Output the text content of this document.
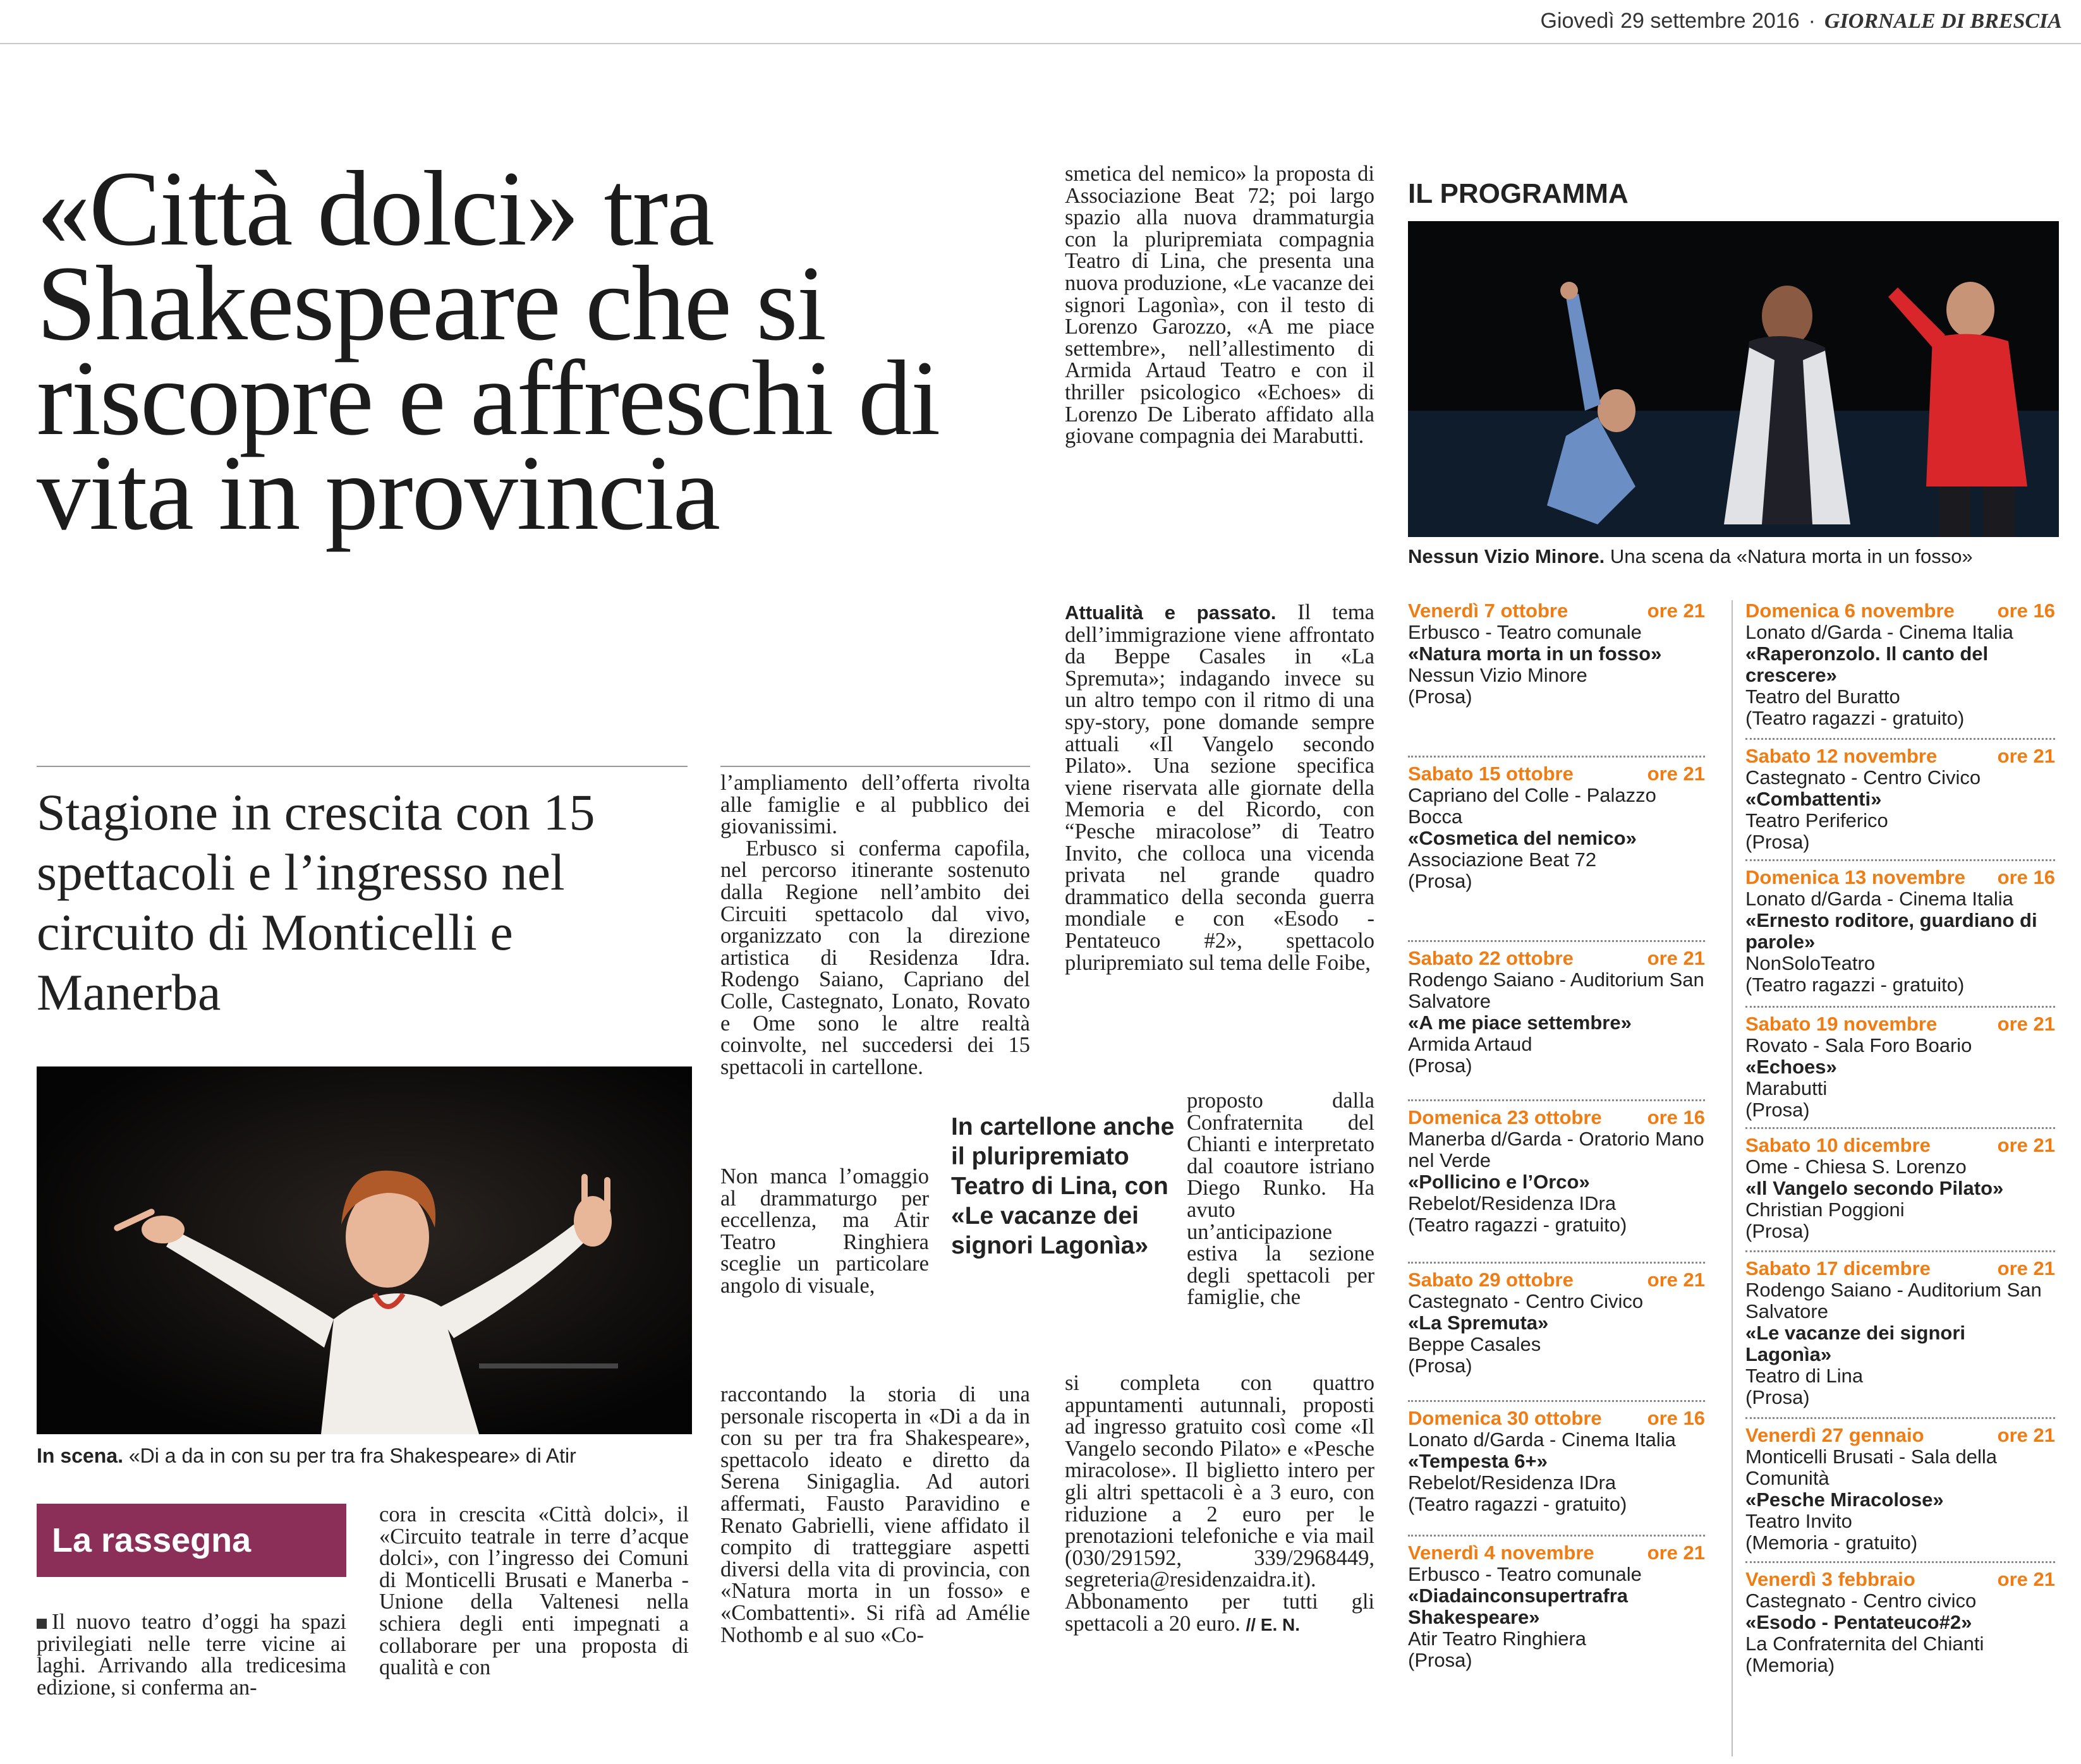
Giovedì 29 settembre 2016 · GIORNALE DI BRESCIA
«Città dolci» tra Shakespeare che si riscopre e affreschi di vita in provincia
Stagione in crescita con 15 spettacoli e l’ingresso nel circuito di Monticelli e Manerba
In scena. «Di a da in con su per tra fra Shakespeare» di Atir
La rassegna

Il nuovo teatro d’oggi ha spazi privilegiati nelle terre vicine ai laghi. Arrivando alla tredicesima edizione, si conferma an-

cora in crescita «Città dolci», il «Circuito teatrale in terre d’acque dolci», con l’ingresso dei Comuni di Monticelli Brusati e Manerba - Unione della Valtenesi nella schiera degli enti impegnati a collaborare per una proposta di qualità e con

l’ampliamento dell’offerta rivolta alle famiglie e al pubblico dei giovanissimi.

Erbusco si conferma capofila, nel percorso itinerante sostenuto dalla Regione nell’ambito dei Circuiti spettacolo dal vivo, organizzato con la direzione artistica di Residenza Idra. Rodengo Saiano, Capriano del Colle, Castegnato, Lonato, Rovato e Ome sono le altre realtà coinvolte, nel succedersi dei 15 spettacoli in cartellone.

Non manca l’omaggio al drammaturgo per eccellenza, ma Atir Teatro Ringhiera sceglie un particolare angolo di visuale,

raccontando la storia di una personale riscoperta in «Di a da in con su per tra fra Shakespeare», spettacolo ideato e diretto da Serena Sinigaglia. Ad autori affermati, Fausto Paravidino e Renato Gabrielli, viene affidato il compito di tratteggiare aspetti diversi della vita di provincia, con «Natura morta in un fosso» e «Combattenti». Si rifà ad Amélie Nothomb e al suo «Co-

In cartellone anche il pluripremiato Teatro di Lina, con «Le vacanze dei signori Lagonìa»

smetica del nemico» la proposta di Associazione Beat 72; poi largo spazio alla nuova drammaturgia con la pluripremiata compagnia Teatro di Lina, che presenta una nuova produzione, «Le vacanze dei signori Lagonìa», con il testo di Lorenzo Garozzo, «A me piace settembre», nell’allestimento di Armida Artaud Teatro e con il thriller psicologico «Echoes» di Lorenzo De Liberato affidato alla giovane compagnia dei Marabutti.

Attualità e passato. Il tema dell’immigrazione viene affrontato da Beppe Casales in «La Spremuta»; indagando invece su un altro tempo con il ritmo di una spy-story, pone domande sempre attuali «Il Vangelo secondo Pilato». Una sezione specifica viene riservata alle giornate della Memoria e del Ricordo, con “Pesche miracolose” di Teatro Invito, che colloca una vicenda privata nel grande quadro drammatico della seconda guerra mondiale e con «Esodo - Pentateuco #2», spettacolo pluripremiato sul tema delle Foibe,

proposto dalla Confraternita del Chianti e interpretato dal coautore istriano Diego Runko. Ha avuto un’anticipazione estiva la sezione degli spettacoli per famiglie, che

si completa con quattro appuntamenti autunnali, proposti ad ingresso gratuito così come «Il Vangelo secondo Pilato» e «Pesche miracolose». Il biglietto intero per gli altri spettacoli è a 3 euro, con riduzione a 2 euro per le prenotazioni telefoniche e via mail (030/291592, 339/2968449, segreteria@residenzaidra.it). Abbonamento per tutti gli spettacoli a 20 euro. // E. N.

IL PROGRAMMA
Nessun Vizio Minore. Una scena da «Natura morta in un fosso»
Venerdì 7 ottobre	ore 21
Erbusco - Teatro comunale
«Natura morta in un fosso»
Nessun Vizio Minore
(Prosa)
Sabato 15 ottobre	ore 21
Capriano del Colle - Palazzo Bocca
«Cosmetica del nemico»
Associazione Beat 72
(Prosa)
Sabato 22 ottobre	ore 21
Rodengo Saiano - Auditorium San Salvatore
«A me piace settembre»
Armida Artaud
(Prosa)
Domenica 23 ottobre ore 16
Manerba d/Garda - Oratorio Mano nel Verde
«Pollicino e l’Orco»
Rebelot/Residenza IDra
(Teatro ragazzi - gratuito)
Sabato 29 ottobre	ore 21
Castegnato - Centro Civico
«La Spremuta»
Beppe Casales
(Prosa)
Domenica 30 ottobre ore 16
Lonato d/Garda - Cinema Italia
«Tempesta 6+»
Rebelot/Residenza IDra
(Teatro ragazzi - gratuito)
Venerdì 4 novembre	ore 21
Erbusco - Teatro comunale
«Diadainconsupertrafra Shakespeare»
Atir Teatro Ringhiera
(Prosa)
Domenica 6 novembre ore 16
Lonato d/Garda - Cinema Italia
«Raperonzolo. Il canto del crescere»
Teatro del Buratto
(Teatro ragazzi - gratuito)
Sabato 12 novembre	ore 21
Castegnato - Centro Civico
«Combattenti»
Teatro Periferico
(Prosa)
Domenica 13 novembre ore 16
Lonato d/Garda - Cinema Italia
«Ernesto roditore, guardiano di parole»
NonSoloTeatro
(Teatro ragazzi - gratuito)
Sabato 19 novembre	ore 21
Rovato - Sala Foro Boario
«Echoes»
Marabutti
(Prosa)
Sabato 10 dicembre	ore 21
Ome - Chiesa S. Lorenzo
«Il Vangelo secondo Pilato»
Christian Poggioni
(Prosa)
Sabato 17 dicembre	ore 21
Rodengo Saiano - Auditorium San Salvatore
«Le vacanze dei signori Lagonìa»
Teatro di Lina
(Prosa)
Venerdì 27 gennaio	ore 21
Monticelli Brusati - Sala della Comunità
«Pesche Miracolose»
Teatro Invito
(Memoria - gratuito)
Venerdì 3 febbraio	ore 21
Castegnato - Centro civico
«Esodo - Pentateuco#2»
La Confraternita del Chianti
(Memoria)
